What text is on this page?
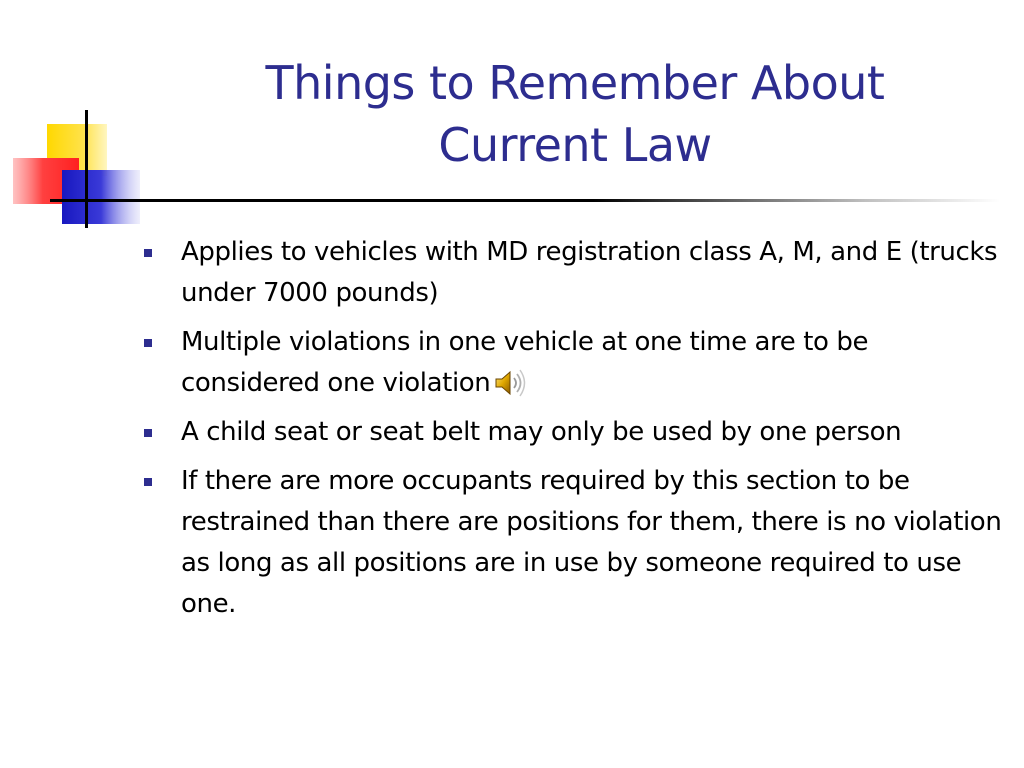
Things to Remember About Current Law
Applies to vehicles with MD registration class A, M, and E (trucks under 7000 pounds)
Multiple violations in one vehicle at one time are to be considered one violation
A child seat or seat belt may only be used by one person
If there are more occupants required by this section to be restrained than there are positions for them, there is no violation as long as all positions are in use by someone required to use one.
